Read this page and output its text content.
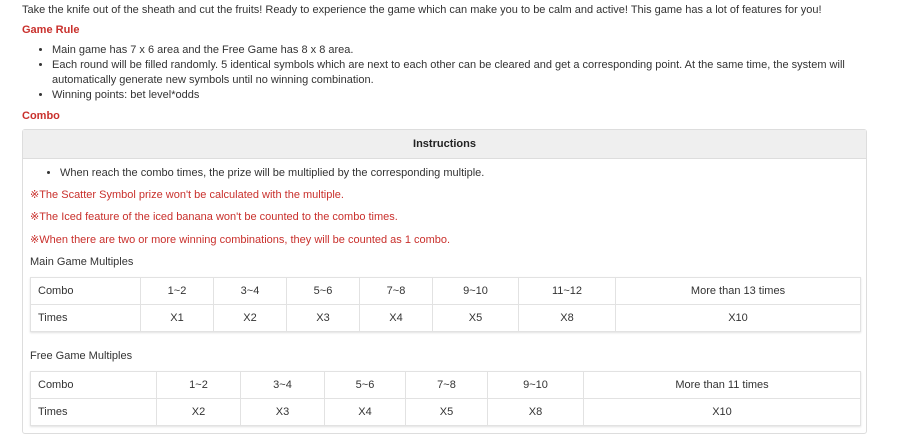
Take the knife out of the sheath and cut the fruits! Ready to experience the game which can make you to be calm and active! This game has a lot of features for you!

Game Rule
• Main game has 7 x 6 area and the Free Game has 8 x 8 area.
• Each round will be filled randomly. 5 identical symbols which are next to each other can be cleared and get a corresponding point. At the same time, the system will automatically generate new symbols until no winning combination.
• Winning points: bet level*odds
Combo
Instructions
• When reach the combo times, the prize will be multiplied by the corresponding multiple.

※The Scatter Symbol prize won't be calculated with the multiple.

※The Iced feature of the iced banana won't be counted to the combo times.

※When there are two or more winning combinations, they will be counted as 1 combo.

Main Game Multiples

Combo	1~2	3~4	5~6	7~8	9~10	11~12	More than 13 times
Times	X1	X2	X3	X4	X5	X8	X10

Free Game Multiples

Combo	1~2	3~4	5~6	7~8	9~10	More than 11 times
Times	X2	X3	X4	X5	X8	X10
